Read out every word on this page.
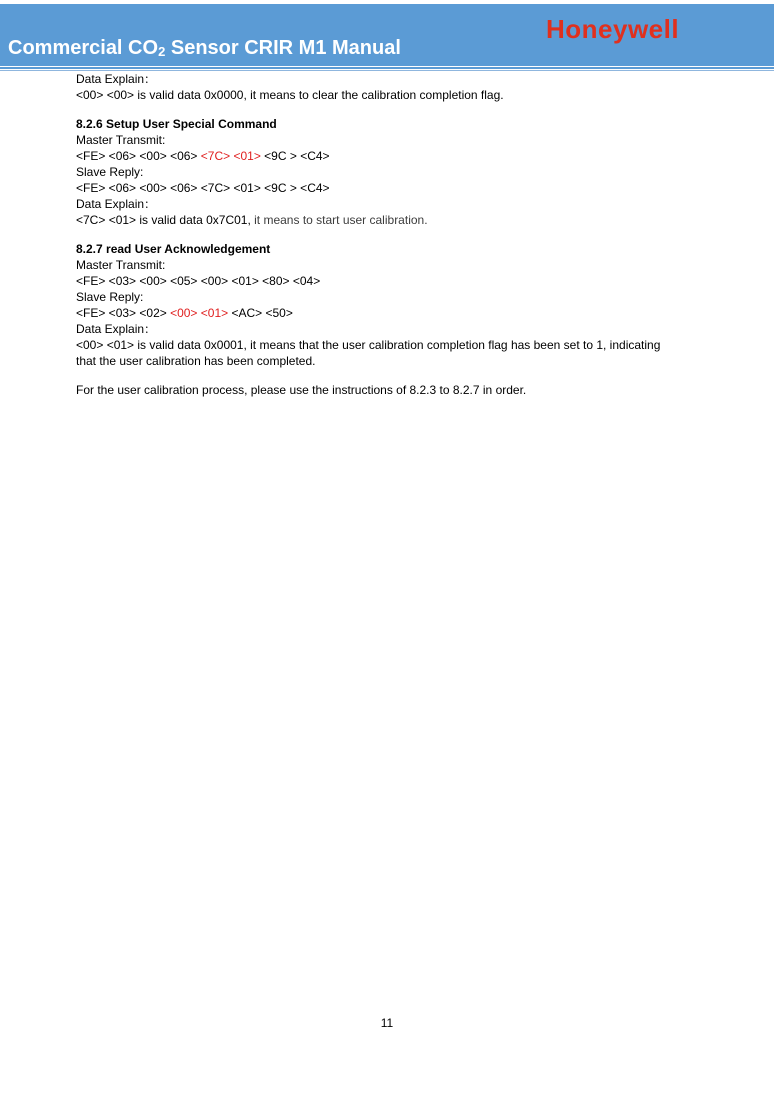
Commercial $CO_2$ Sensor CRIR M1 Manual
Honeywell

Data Explain：

<00> <00> is valid data 0x0000, it means to clear the calibration completion flag.

8.2.6 Setup User Special Command

Master Transmit:

<FE> <06> <00> <06> <7C> <01> <9C > <C4>

Slave Reply:

<FE> <06> <00> <06> <7C> <01> <9C > <C4>

Data Explain：

<7C> <01> is valid data 0x7C01, it means to start user calibration.

8.2.7 read User Acknowledgement

Master Transmit:

<FE> <03> <00> <05> <00> <01> <80> <04>

Slave Reply:

<FE> <03> <02> <00> <01> <AC> <50>

Data Explain：

<00> <01> is valid data 0x0001, it means that the user calibration completion flag has been set to 1, indicating

that the user calibration has been completed.

For the user calibration process, please use the instructions of 8.2.3 to 8.2.7 in order.

11
